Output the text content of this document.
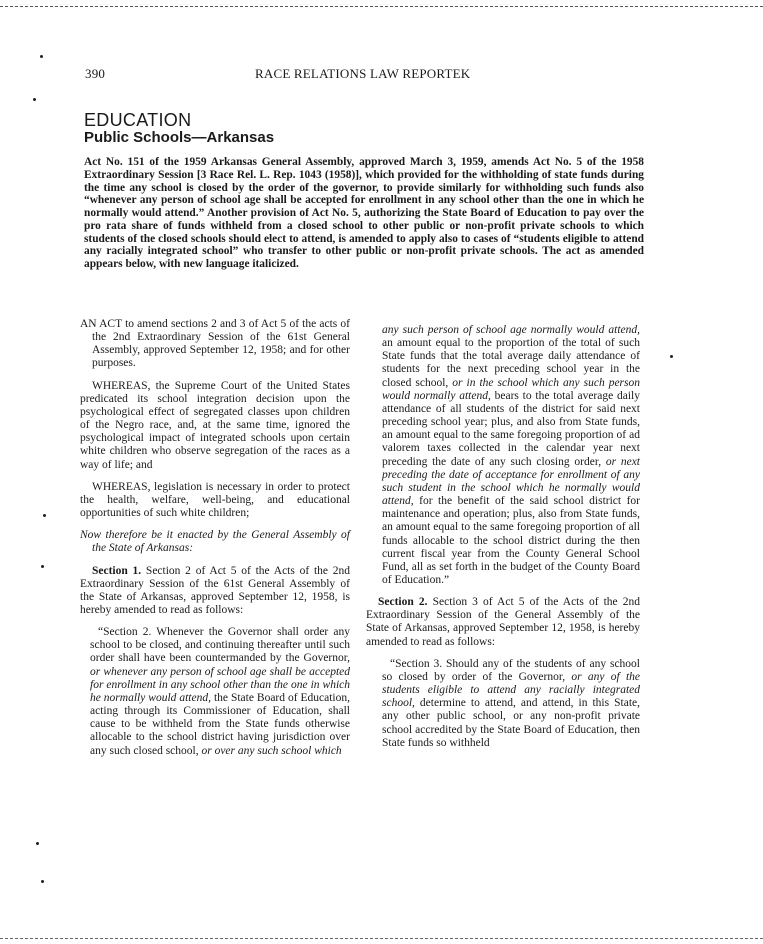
390	RACE RELATIONS LAW REPORTEK
EDUCATION
Public Schools—Arkansas

Act No. 151 of the 1959 Arkansas General Assembly, approved March 3, 1959, amends Act No. 5 of the 1958 Extraordinary Session [3 Race Rel. L. Rep. 1043 (1958)], which provided for the withholding of state funds during the time any school is closed by the order of the governor, to provide similarly for withholding such funds also “whenever any person of school age shall be accepted for enrollment in any school other than the one in which he normally would attend.” Another provision of Act No. 5, authorizing the State Board of Education to pay over the pro rata share of funds withheld from a closed school to other public or non-profit private schools to which students of the closed schools should elect to attend, is amended to apply also to cases of “students eligible to attend any racially integrated school” who transfer to other public or non-profit private schools. The act as amended appears below, with new language italicized.

AN ACT to amend sections 2 and 3 of Act 5 of the acts of the 2nd Extraordinary Session of the 61st General Assembly, approved September 12, 1958; and for other purposes.

WHEREAS, the Supreme Court of the United States predicated its school integration decision upon the psychological effect of segregated classes upon children of the Negro race, and, at the same time, ignored the psychological impact of integrated schools upon certain white children who observe segregation of the races as a way of life; and

WHEREAS, legislation is necessary in order to protect the health, welfare, well-being, and educational opportunities of such white children;

Now therefore be it enacted by the General Assembly of the State of Arkansas:

Section 1. Section 2 of Act 5 of the Acts of the 2nd Extraordinary Session of the 61st General Assembly of the State of Arkansas, approved September 12, 1958, is hereby amended to read as follows:

“Section 2. Whenever the Governor shall order any school to be closed, and continuing thereafter until such order shall have been countermanded by the Governor, or whenever any person of school age shall be accepted for enrollment in any school other than the one in which he normally would attend, the State Board of Education, acting through its Commissioner of Education, shall cause to be withheld from the State funds otherwise allocable to the school district having jurisdiction over any such closed school, or over any such school which

any such person of school age normally would attend, an amount equal to the proportion of the total of such State funds that the total average daily attendance of students for the next preceding school year in the closed school, or in the school which any such person would normally attend, bears to the total average daily attendance of all students of the district for said next preceding school year; plus, and also from State funds, an amount equal to the same foregoing proportion of ad valorem taxes collected in the calendar year next preceding the date of any such closing order, or next preceding the date of acceptance for enrollment of any such student in the school which he normally would attend, for the benefit of the said school district for maintenance and operation; plus, also from State funds, an amount equal to the same foregoing proportion of all funds allocable to the school district during the then current fiscal year from the County General School Fund, all as set forth in the budget of the County Board of Education.”

Section 2. Section 3 of Act 5 of the Acts of the 2nd Extraordinary Session of the General Assembly of the State of Arkansas, approved September 12, 1958, is hereby amended to read as follows:

“Section 3. Should any of the students of any school so closed by order of the Governor, or any of the students eligible to attend any racially integrated school, determine to attend, and attend, in this State, any other public school, or any non-profit private school accredited by the State Board of Education, then State funds so withheld
